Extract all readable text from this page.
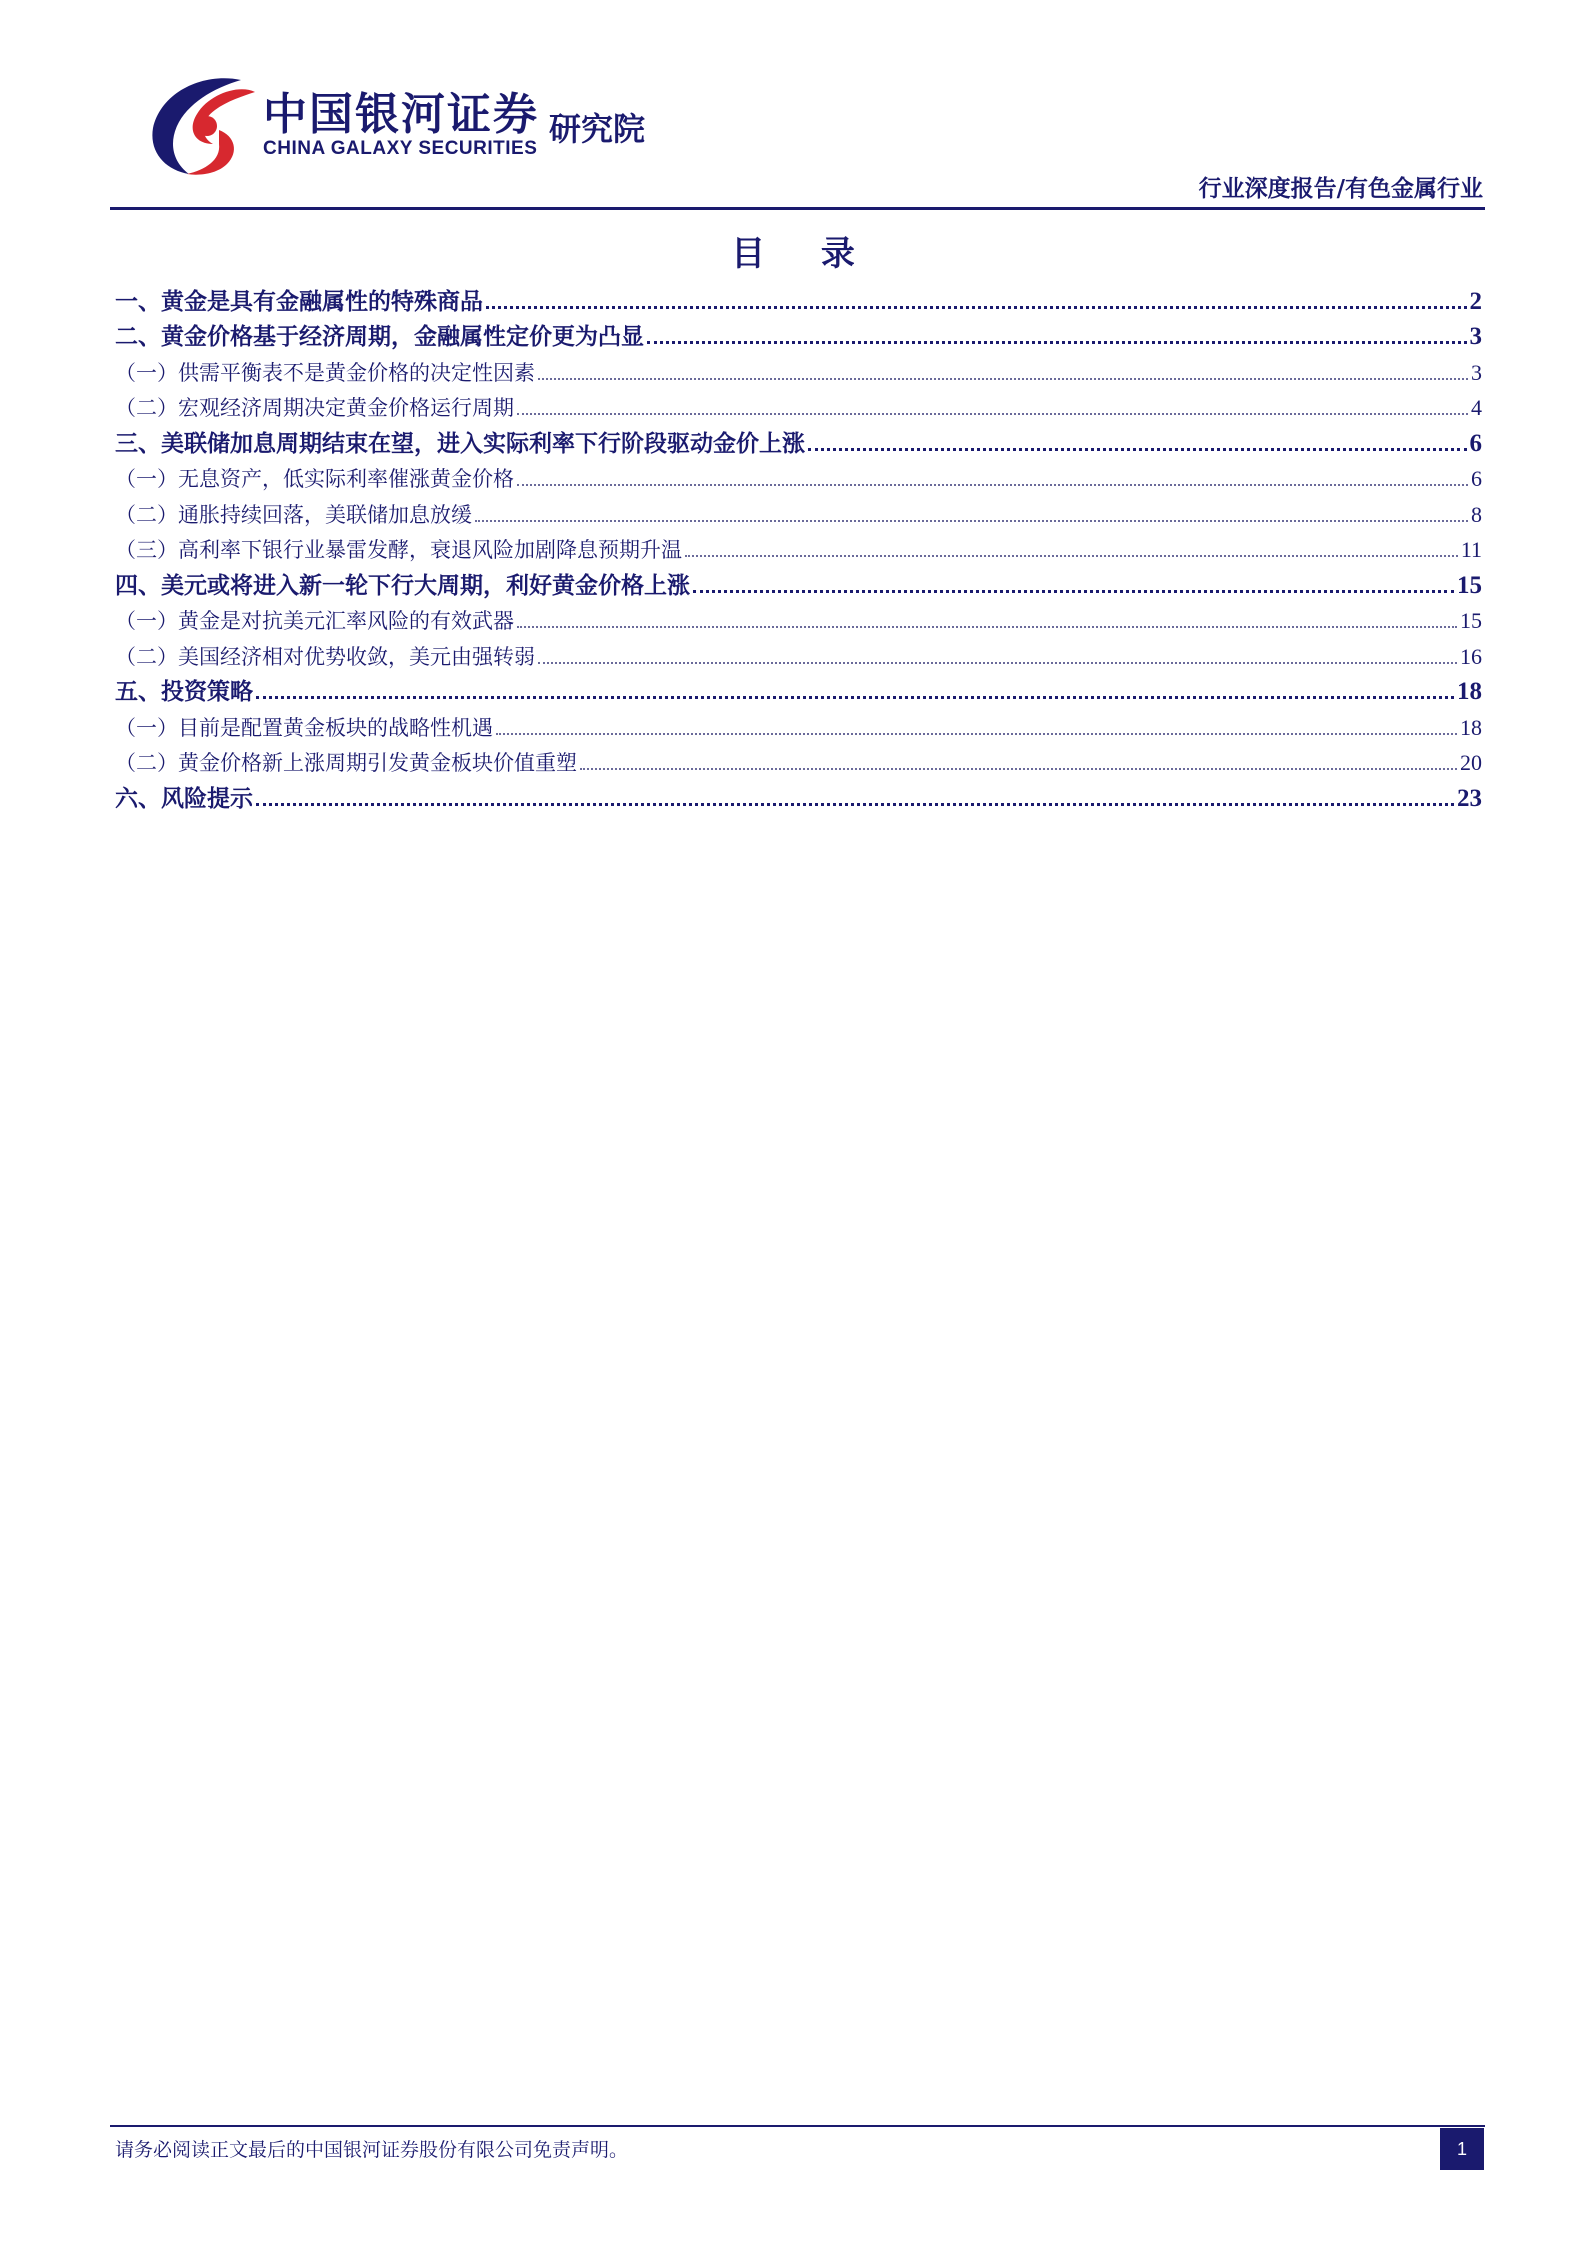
中国银河证券
CHINA GALAXY SECURITIES
研究院
行业深度报告/有色金属行业
目 录
一、黄金是具有金融属性的特殊商品	2
二、黄金价格基于经济周期，金融属性定价更为凸显	3
（一）供需平衡表不是黄金价格的决定性因素	3
（二）宏观经济周期决定黄金价格运行周期	4
三、美联储加息周期结束在望，进入实际利率下行阶段驱动金价上涨	6
（一）无息资产，低实际利率催涨黄金价格	6
（二）通胀持续回落，美联储加息放缓	8
（三）高利率下银行业暴雷发酵，衰退风险加剧降息预期升温	11
四、美元或将进入新一轮下行大周期，利好黄金价格上涨	15
（一）黄金是对抗美元汇率风险的有效武器	15
（二）美国经济相对优势收敛，美元由强转弱	16
五、投资策略	18
（一）目前是配置黄金板块的战略性机遇	18
（二）黄金价格新上涨周期引发黄金板块价值重塑	20
六、风险提示	23
请务必阅读正文最后的中国银河证券股份有限公司免责声明。	1
